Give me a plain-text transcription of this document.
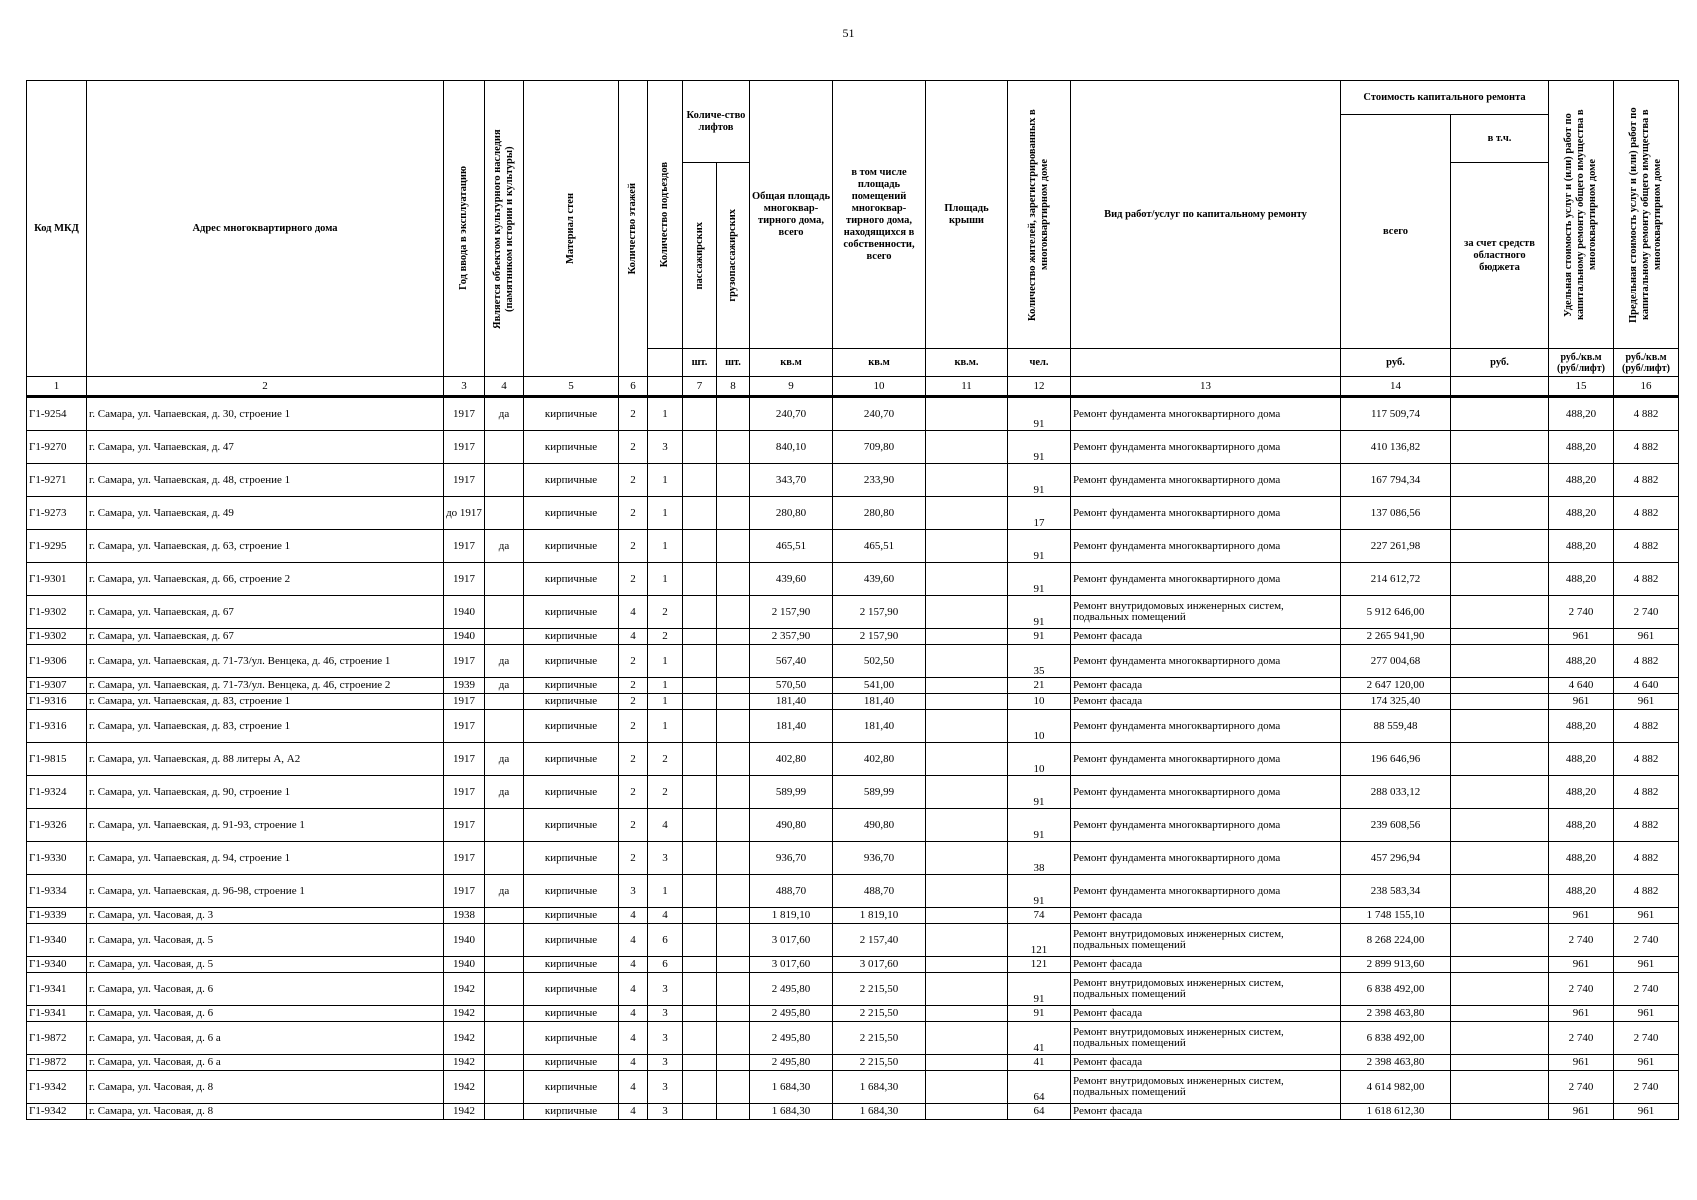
51
Код МКД	Адрес многоквартирного дома	Год ввода в эксплуатацию	Является объектом культурного наследия (памятником истории и культуры)	Материал стен	Количество этажей	Количество подъездов	Количе-ство лифтов		Общая площадь многоквар-тирного дома, всего	в том числе площадь помещений многоквар-тирного дома, находящихся в собственности, всего	Площадь крыши	Количество жителей, зарегистрированных в многоквартирном доме	Вид работ/услуг по капитальному ремонту	Стоимость капитального ремонта		Удельная стоимость услуг и (или) работ по капитальному ремонту общего имущества в многоквартирном доме	Предельная стоимость услуг и (или) работ по капитальному ремонту общего имущества в многоквартирном доме

														всего	в т.ч.		

							пассажирских	грузопассажирских							за счет средств областного бюджета		
							шт.	шт.	кв.м	кв.м	кв.м.	чел.		руб.	руб.	руб./кв.м (руб/лифт)	руб./кв.м (руб/лифт)
1	2	3	4	5	6		7	8	9	10	11	12	13	14		15	16
Г1-9254	г. Самара, ул. Чапаевская, д. 30, строение 1	1917	да	кирпичные	2	1			240,70	240,70		91	Ремонт фундамента многоквартирного дома	117 509,74		488,20	4 882
Г1-9270	г. Самара, ул. Чапаевская, д. 47	1917		кирпичные	2	3			840,10	709,80		91	Ремонт фундамента многоквартирного дома	410 136,82		488,20	4 882
Г1-9271	г. Самара, ул. Чапаевская, д. 48, строение 1	1917		кирпичные	2	1			343,70	233,90		91	Ремонт фундамента многоквартирного дома	167 794,34		488,20	4 882
Г1-9273	г. Самара, ул. Чапаевская, д. 49	до 1917		кирпичные	2	1			280,80	280,80		17	Ремонт фундамента многоквартирного дома	137 086,56		488,20	4 882
Г1-9295	г. Самара, ул. Чапаевская, д. 63, строение 1	1917	да	кирпичные	2	1			465,51	465,51		91	Ремонт фундамента многоквартирного дома	227 261,98		488,20	4 882
Г1-9301	г. Самара, ул. Чапаевская, д. 66, строение 2	1917		кирпичные	2	1			439,60	439,60		91	Ремонт фундамента многоквартирного дома	214 612,72		488,20	4 882
Г1-9302	г. Самара, ул. Чапаевская, д. 67	1940		кирпичные	4	2			2 157,90	2 157,90		91	Ремонт внутридомовых инженерных систем, подвальных помещений	5 912 646,00		2 740	2 740
Г1-9302	г. Самара, ул. Чапаевская, д. 67	1940		кирпичные	4	2			2 357,90	2 157,90		91	Ремонт фасада	2 265 941,90		961	961
Г1-9306	г. Самара, ул. Чапаевская, д. 71-73/ул. Венцека, д. 46, строение 1	1917	да	кирпичные	2	1			567,40	502,50		35	Ремонт фундамента многоквартирного дома	277 004,68		488,20	4 882
Г1-9307	г. Самара, ул. Чапаевская, д. 71-73/ул. Венцека, д. 46, строение 2	1939	да	кирпичные	2	1			570,50	541,00		21	Ремонт фасада	2 647 120,00		4 640	4 640
Г1-9316	г. Самара, ул. Чапаевская, д. 83, строение 1	1917		кирпичные	2	1			181,40	181,40		10	Ремонт фасада	174 325,40		961	961
Г1-9316	г. Самара, ул. Чапаевская, д. 83, строение 1	1917		кирпичные	2	1			181,40	181,40		10	Ремонт фундамента многоквартирного дома	88 559,48		488,20	4 882
Г1-9815	г. Самара, ул. Чапаевская, д. 88 литеры А, А2	1917	да	кирпичные	2	2			402,80	402,80		10	Ремонт фундамента многоквартирного дома	196 646,96		488,20	4 882
Г1-9324	г. Самара, ул. Чапаевская, д. 90, строение 1	1917	да	кирпичные	2	2			589,99	589,99		91	Ремонт фундамента многоквартирного дома	288 033,12		488,20	4 882
Г1-9326	г. Самара, ул. Чапаевская, д. 91-93, строение 1	1917		кирпичные	2	4			490,80	490,80		91	Ремонт фундамента многоквартирного дома	239 608,56		488,20	4 882
Г1-9330	г. Самара, ул. Чапаевская, д. 94, строение 1	1917		кирпичные	2	3			936,70	936,70		38	Ремонт фундамента многоквартирного дома	457 296,94		488,20	4 882
Г1-9334	г. Самара, ул. Чапаевская, д. 96-98, строение 1	1917	да	кирпичные	3	1			488,70	488,70		91	Ремонт фундамента многоквартирного дома	238 583,34		488,20	4 882
Г1-9339	г. Самара, ул. Часовая, д. 3	1938		кирпичные	4	4			1 819,10	1 819,10		74	Ремонт фасада	1 748 155,10		961	961
Г1-9340	г. Самара, ул. Часовая, д. 5	1940		кирпичные	4	6			3 017,60	2 157,40		121	Ремонт внутридомовых инженерных систем, подвальных помещений	8 268 224,00		2 740	2 740
Г1-9340	г. Самара, ул. Часовая, д. 5	1940		кирпичные	4	6			3 017,60	3 017,60		121	Ремонт фасада	2 899 913,60		961	961
Г1-9341	г. Самара, ул. Часовая, д. 6	1942		кирпичные	4	3			2 495,80	2 215,50		91	Ремонт внутридомовых инженерных систем, подвальных помещений	6 838 492,00		2 740	2 740
Г1-9341	г. Самара, ул. Часовая, д. 6	1942		кирпичные	4	3			2 495,80	2 215,50		91	Ремонт фасада	2 398 463,80		961	961
Г1-9872	г. Самара, ул. Часовая, д. 6 а	1942		кирпичные	4	3			2 495,80	2 215,50		41	Ремонт внутридомовых инженерных систем, подвальных помещений	6 838 492,00		2 740	2 740
Г1-9872	г. Самара, ул. Часовая, д. 6 а	1942		кирпичные	4	3			2 495,80	2 215,50		41	Ремонт фасада	2 398 463,80		961	961
Г1-9342	г. Самара, ул. Часовая, д. 8	1942		кирпичные	4	3			1 684,30	1 684,30		64	Ремонт внутридомовых инженерных систем, подвальных помещений	4 614 982,00		2 740	2 740
Г1-9342	г. Самара, ул. Часовая, д. 8	1942		кирпичные	4	3			1 684,30	1 684,30		64	Ремонт фасада	1 618 612,30		961	961
